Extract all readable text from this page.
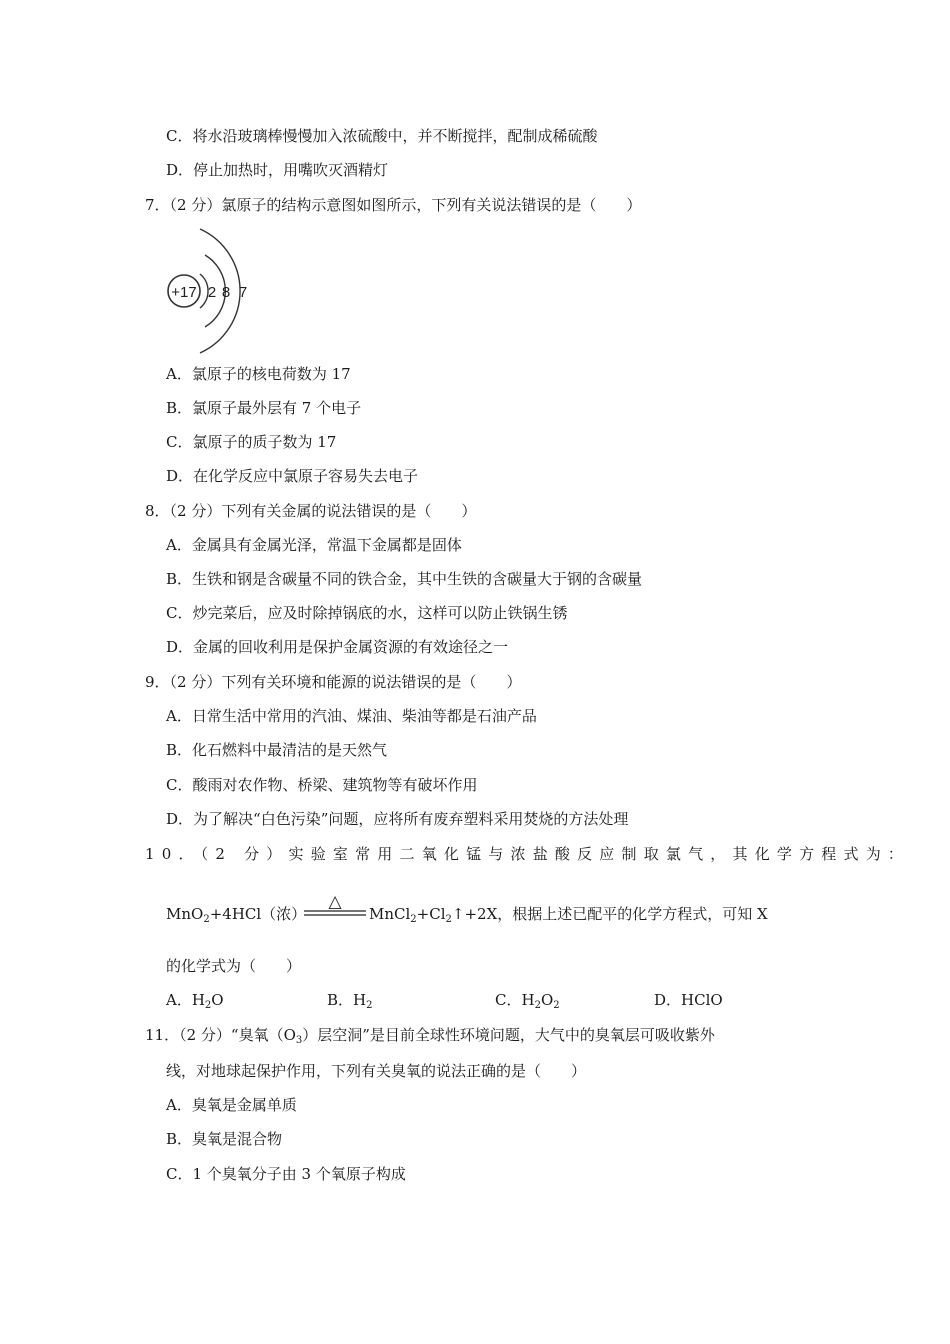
C．将水沿玻璃棒慢慢加入浓硫酸中，并不断搅拌，配制成稀硫酸
D．停止加热时，用嘴吹灭酒精灯
7．（2 分）氯原子的结构示意图如图所示，下列有关说法错误的是（　　）
+17 2 8 7
A．氯原子的核电荷数为 17
B．氯原子最外层有 7 个电子
C．氯原子的质子数为 17
D．在化学反应中氯原子容易失去电子
8．（2 分）下列有关金属的说法错误的是（　　）
A．金属具有金属光泽，常温下金属都是固体
B．生铁和钢是含碳量不同的铁合金，其中生铁的含碳量大于钢的含碳量
C．炒完菜后，应及时除掉锅底的水，这样可以防止铁锅生锈
D．金属的回收利用是保护金属资源的有效途径之一
9．（2 分）下列有关环境和能源的说法错误的是（　　）
A．日常生活中常用的汽油、煤油、柴油等都是石油产品
B．化石燃料中最清洁的是天然气
C．酸雨对农作物、桥梁、建筑物等有破坏作用
D．为了解决“白色污染”问题，应将所有废弃塑料采用焚烧的方法处理
10．（2 分）实验室常用二氧化锰与浓盐酸反应制取氯气，其化学方程式为：
MnO$_2$+4HCl（浓）
△
$MnCl_2+Cl_2↑+2X$，根据上述已配平的化学方程式，可知 X
的化学式为（　　）
A．$H_2O$	B．$H_2$	C．$H_2O_2$	D．HClO
11．（2 分）“臭氧$(O_3)$层空洞”是目前全球性环境问题，大气中的臭氧层可吸收紫外
线，对地球起保护作用，下列有关臭氧的说法正确的是（　　）
A．臭氧是金属单质
B．臭氧是混合物
C．1 个臭氧分子由 3 个氧原子构成
